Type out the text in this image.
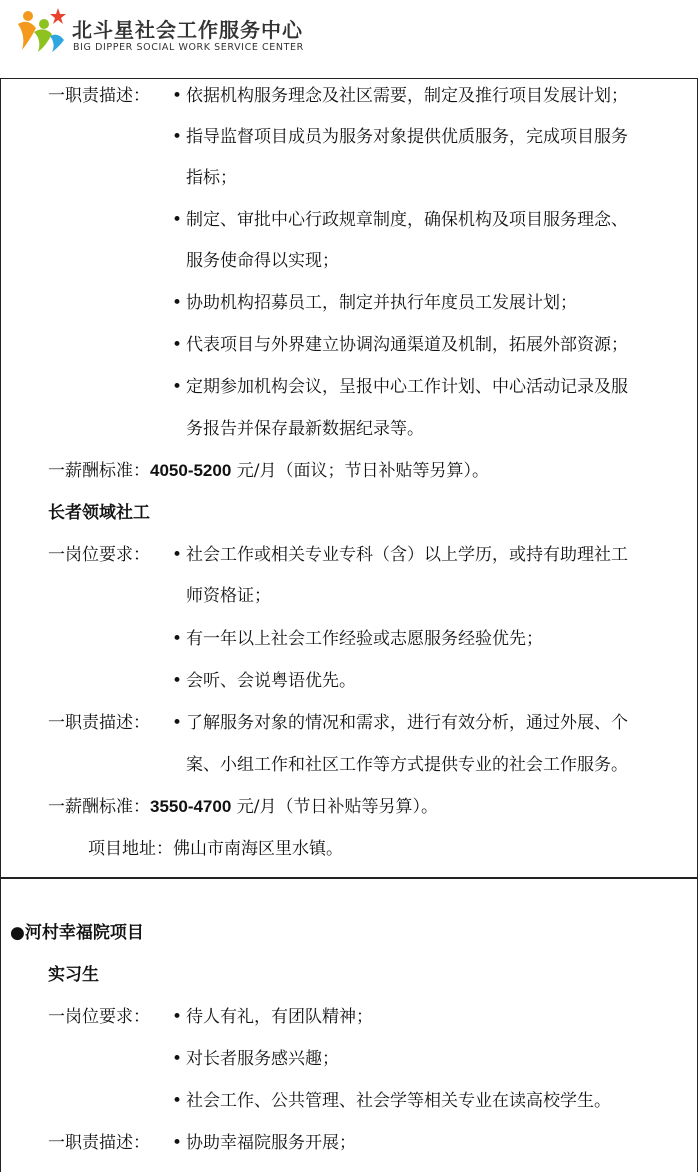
北斗星社会工作服务中心
BIG DIPPER SOCIAL WORK SERVICE CENTER
一职责描述： • 依据机构服务理念及社区需要，制定及推行项目发展计划；
• 指导监督项目成员为服务对象提供优质服务，完成项目服务
指标；
• 制定、审批中心行政规章制度，确保机构及项目服务理念、
服务使命得以实现；
• 协助机构招募员工，制定并执行年度员工发展计划；
• 代表项目与外界建立协调沟通渠道及机制，拓展外部资源；
• 定期参加机构会议，呈报中心工作计划、中心活动记录及服
务报告并保存最新数据纪录等。
一薪酬标准：4050-5200 元/月（面议；节日补贴等另算）。
长者领域社工
一岗位要求： • 社会工作或相关专业专科（含）以上学历，或持有助理社工
师资格证；
• 有一年以上社会工作经验或志愿服务经验优先；
• 会听、会说粤语优先。
一职责描述： • 了解服务对象的情况和需求，进行有效分析，通过外展、个
案、小组工作和社区工作等方式提供专业的社会工作服务。
一薪酬标准：3550-4700 元/月（节日补贴等另算）。
项目地址：佛山市南海区里水镇。
●河村幸福院项目
实习生
一岗位要求： • 待人有礼，有团队精神；
• 对长者服务感兴趣；
• 社会工作、公共管理、社会学等相关专业在读高校学生。
一职责描述： • 协助幸福院服务开展；
